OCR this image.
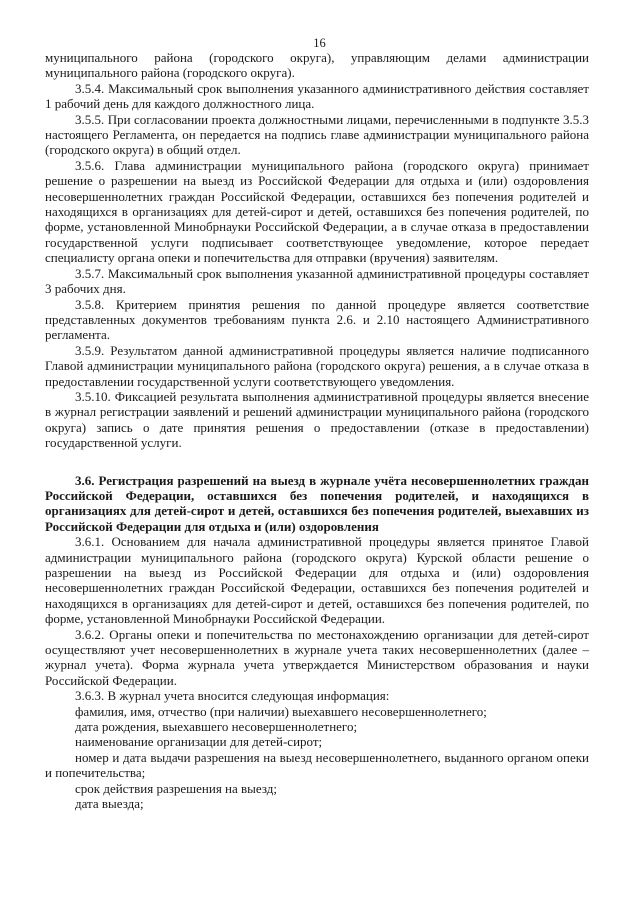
16

муниципального района (городского округа), управляющим делами администрации муниципального района (городского округа).

3.5.4. Максимальный срок выполнения указанного административного действия составляет 1 рабочий день для каждого должностного лица.

3.5.5. При согласовании проекта должностными лицами, перечисленными в подпункте 3.5.3 настоящего Регламента, он передается на подпись главе администрации муниципального района (городского округа) в общий отдел.

3.5.6. Глава администрации муниципального района (городского округа) принимает решение о разрешении на выезд из Российской Федерации для отдыха и (или) оздоровления несовершеннолетних граждан Российской Федерации, оставшихся без попечения родителей и находящихся в организациях для детей-сирот и детей, оставшихся без попечения родителей, по форме, установленной Минобрнауки Российской Федерации, а в случае отказа в предоставлении государственной услуги подписывает соответствующее уведомление, которое передает специалисту органа опеки и попечительства для отправки (вручения) заявителям.

3.5.7. Максимальный срок выполнения указанной административной процедуры составляет 3 рабочих дня.

3.5.8. Критерием принятия решения по данной процедуре является соответствие представленных документов требованиям пункта 2.6. и 2.10 настоящего Административного регламента.

3.5.9. Результатом данной административной процедуры является наличие подписанного Главой администрации муниципального района (городского округа) решения, а в случае отказа в предоставлении государственной услуги соответствующего уведомления.

3.5.10. Фиксацией результата выполнения административной процедуры является внесение в журнал регистрации заявлений и решений администрации муниципального района (городского округа) запись о дате принятия решения о предоставлении (отказе в предоставлении) государственной услуги.

3.6. Регистрация разрешений на выезд в журнале учёта несовершеннолетних граждан Российской Федерации, оставшихся без попечения родителей, и находящихся в организациях для детей-сирот и детей, оставшихся без попечения родителей, выехавших из Российской Федерации для отдыха и (или) оздоровления

3.6.1. Основанием для начала административной процедуры является принятое Главой администрации муниципального района (городского округа) Курской области решение о разрешении на выезд из Российской Федерации для отдыха и (или) оздоровления несовершеннолетних граждан Российской Федерации, оставшихся без попечения родителей и находящихся в организациях для детей-сирот и детей, оставшихся без попечения родителей, по форме, установленной Минобрнауки Российской Федерации.

3.6.2. Органы опеки и попечительства по местонахождению организации для детей-сирот осуществляют учет несовершеннолетних в журнале учета таких несовершеннолетних (далее – журнал учета). Форма журнала учета утверждается Министерством образования и науки Российской Федерации.

3.6.3. В журнал учета вносится следующая информация:

фамилия, имя, отчество (при наличии) выехавшего несовершеннолетнего;

дата рождения, выехавшего несовершеннолетнего;

наименование организации для детей-сирот;

номер и дата выдачи разрешения на выезд несовершеннолетнего, выданного органом опеки и попечительства;

срок действия разрешения на выезд;

дата выезда;
